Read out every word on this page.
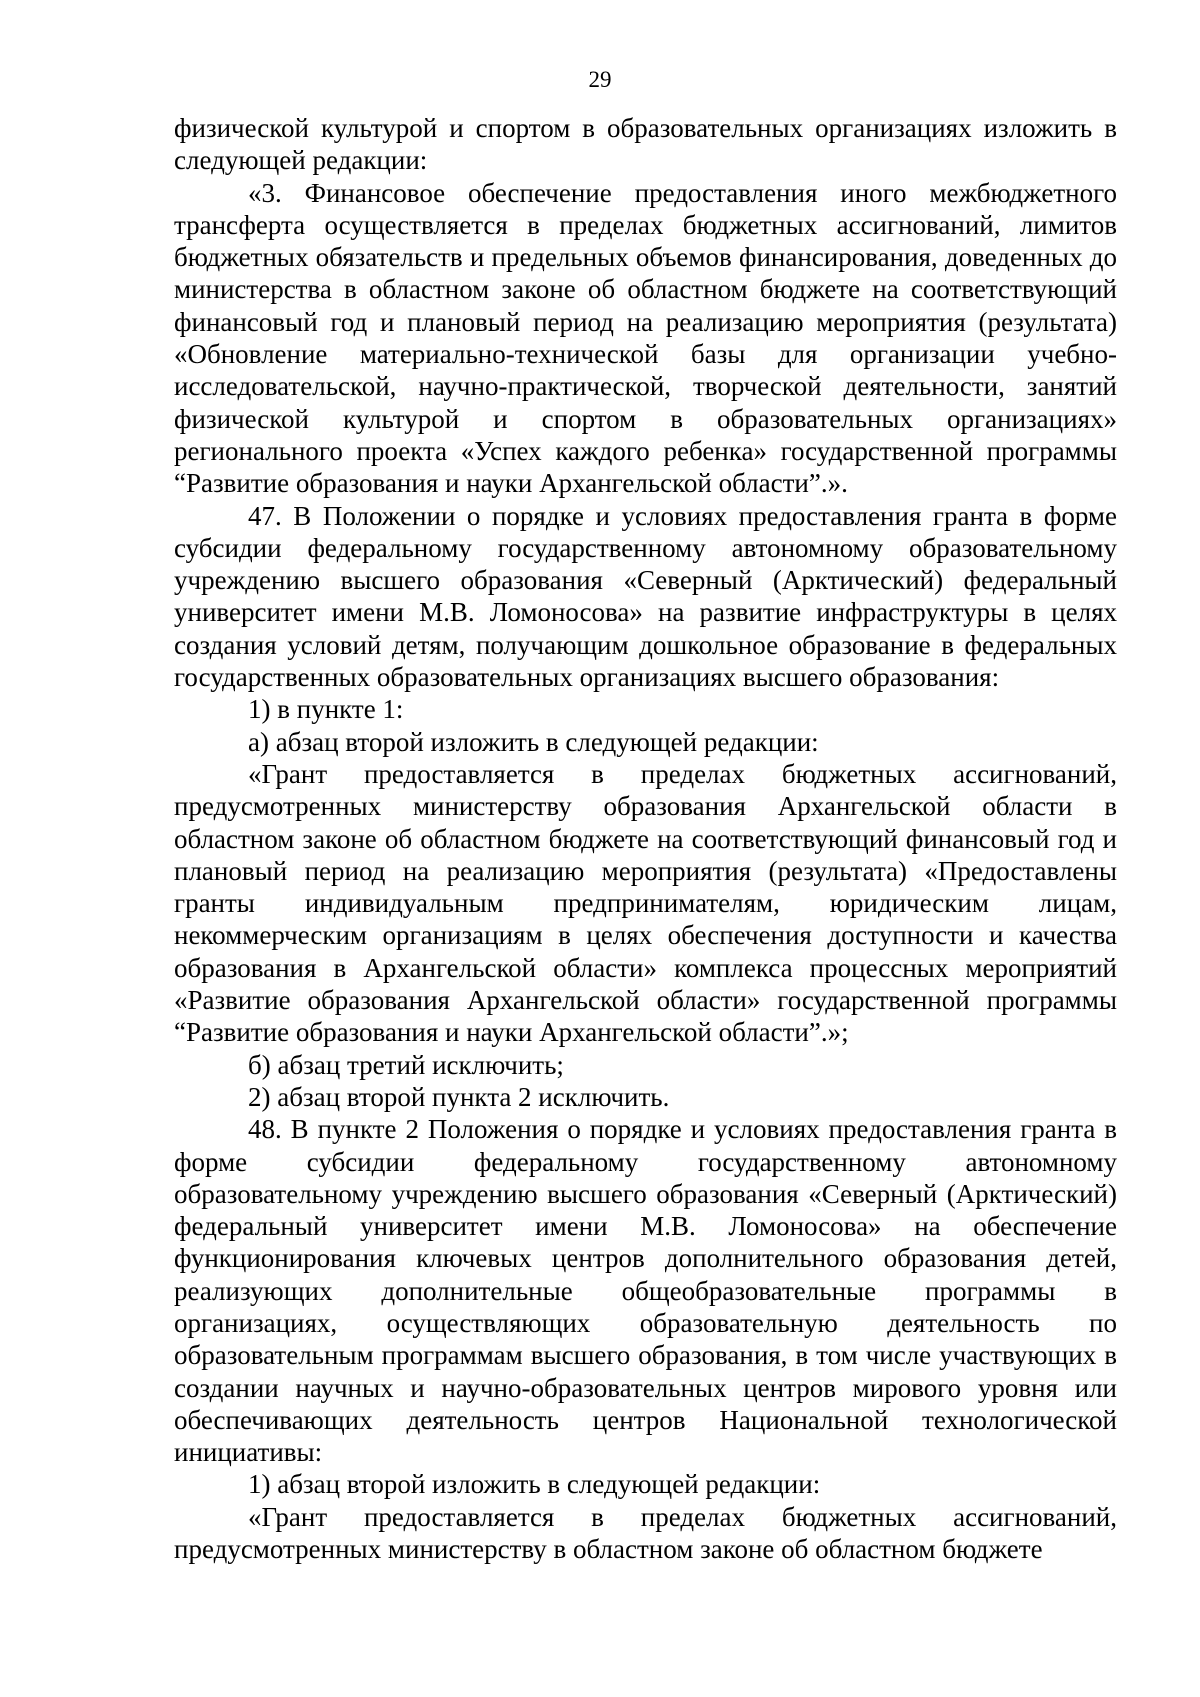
29

физической культурой и спортом в образовательных организациях изложить в следующей редакции:

«3. Финансовое обеспечение предоставления иного межбюджетного трансферта осуществляется в пределах бюджетных ассигнований, лимитов бюджетных обязательств и предельных объемов финансирования, доведенных до министерства в областном законе об областном бюджете на соответствующий финансовый год и плановый период на реализацию мероприятия (результата) «Обновление материально-технической базы для организации учебно-исследовательской, научно-практической, творческой деятельности, занятий физической культурой и спортом в образовательных организациях» регионального проекта «Успех каждого ребенка» государственной программы “Развитие образования и науки Архангельской области”.».

47. В Положении о порядке и условиях предоставления гранта в форме субсидии федеральному государственному автономному образовательному учреждению высшего образования «Северный (Арктический) федеральный университет имени М.В. Ломоносова» на развитие инфраструктуры в целях создания условий детям, получающим дошкольное образование в федеральных государственных образовательных организациях высшего образования:

1) в пункте 1:

а) абзац второй изложить в следующей редакции:

«Грант предоставляется в пределах бюджетных ассигнований, предусмотренных министерству образования Архангельской области в областном законе об областном бюджете на соответствующий финансовый год и плановый период на реализацию мероприятия (результата) «Предоставлены гранты индивидуальным предпринимателям, юридическим лицам, некоммерческим организациям в целях обеспечения доступности и качества образования в Архангельской области» комплекса процессных мероприятий «Развитие образования Архангельской области» государственной программы “Развитие образования и науки Архангельской области”.»;

б) абзац третий исключить;

2) абзац второй пункта 2 исключить.

48. В пункте 2 Положения о порядке и условиях предоставления гранта в форме субсидии федеральному государственному автономному образовательному учреждению высшего образования «Северный (Арктический) федеральный университет имени М.В. Ломоносова» на обеспечение функционирования ключевых центров дополнительного образования детей, реализующих дополнительные общеобразовательные программы в организациях, осуществляющих образовательную деятельность по образовательным программам высшего образования, в том числе участвующих в создании научных и научно-образовательных центров мирового уровня или обеспечивающих деятельность центров Национальной технологической инициативы:

1) абзац второй изложить в следующей редакции:

«Грант предоставляется в пределах бюджетных ассигнований, предусмотренных министерству в областном законе об областном бюджете
